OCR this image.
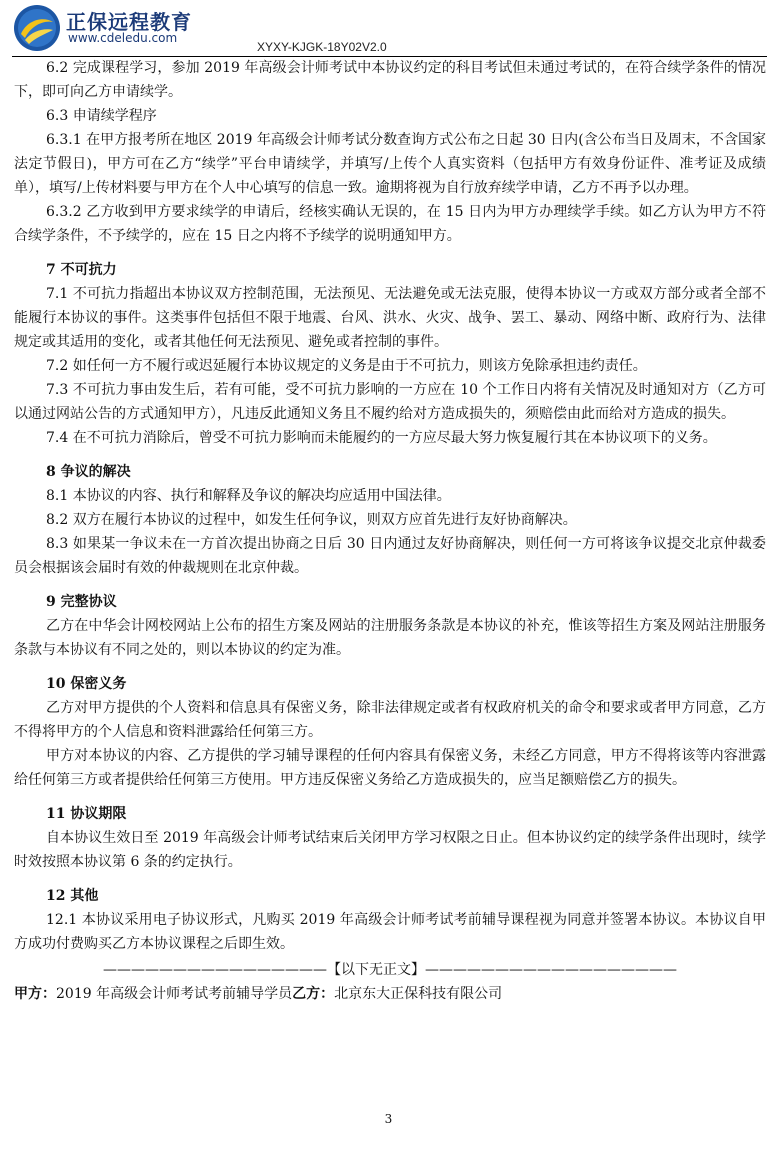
正保远程教育
www.cdeledu.com
XYXY-KJGK-18Y02V2.0

6.2 完成课程学习，参加 2019 年高级会计师考试中本协议约定的科目考试但未通过考试的，在符合续学条件的情况下，即可向乙方申请续学。

6.3 申请续学程序

6.3.1 在甲方报考所在地区 2019 年高级会计师考试分数查询方式公布之日起 30 日内(含公布当日及周末，不含国家法定节假日)，甲方可在乙方“续学”平台申请续学，并填写/上传个人真实资料（包括甲方有效身份证件、准考证及成绩单），填写/上传材料要与甲方在个人中心填写的信息一致。逾期将视为自行放弃续学申请，乙方不再予以办理。

6.3.2 乙方收到甲方要求续学的申请后，经核实确认无误的，在 15 日内为甲方办理续学手续。如乙方认为甲方不符合续学条件，不予续学的，应在 15 日之内将不予续学的说明通知甲方。

7 不可抗力

7.1 不可抗力指超出本协议双方控制范围，无法预见、无法避免或无法克服，使得本协议一方或双方部分或者全部不能履行本协议的事件。这类事件包括但不限于地震、台风、洪水、火灾、战争、罢工、暴动、网络中断、政府行为、法律规定或其适用的变化，或者其他任何无法预见、避免或者控制的事件。

7.2 如任何一方不履行或迟延履行本协议规定的义务是由于不可抗力，则该方免除承担违约责任。

7.3 不可抗力事由发生后，若有可能，受不可抗力影响的一方应在 10 个工作日内将有关情况及时通知对方（乙方可以通过网站公告的方式通知甲方），凡违反此通知义务且不履约给对方造成损失的，须赔偿由此而给对方造成的损失。

7.4 在不可抗力消除后，曾受不可抗力影响而未能履约的一方应尽最大努力恢复履行其在本协议项下的义务。

8 争议的解决

8.1 本协议的内容、执行和解释及争议的解决均应适用中国法律。

8.2 双方在履行本协议的过程中，如发生任何争议，则双方应首先进行友好协商解决。

8.3 如果某一争议未在一方首次提出协商之日后 30 日内通过友好协商解决，则任何一方可将该争议提交北京仲裁委员会根据该会届时有效的仲裁规则在北京仲裁。

9 完整协议

乙方在中华会计网校网站上公布的招生方案及网站的注册服务条款是本协议的补充，惟该等招生方案及网站注册服务条款与本协议有不同之处的，则以本协议的约定为准。

10 保密义务

乙方对甲方提供的个人资料和信息具有保密义务，除非法律规定或者有权政府机关的命令和要求或者甲方同意，乙方不得将甲方的个人信息和资料泄露给任何第三方。

甲方对本协议的内容、乙方提供的学习辅导课程的任何内容具有保密义务，未经乙方同意，甲方不得将该等内容泄露给任何第三方或者提供给任何第三方使用。甲方违反保密义务给乙方造成损失的，应当足额赔偿乙方的损失。

11 协议期限

自本协议生效日至 2019 年高级会计师考试结束后关闭甲方学习权限之日止。但本协议约定的续学条件出现时，续学时效按照本协议第 6 条的约定执行。

12 其他

12.1 本协议采用电子协议形式，凡购买 2019 年高级会计师考试考前辅导课程视为同意并签署本协议。本协议自甲方成功付费购买乙方本协议课程之后即生效。

————————————————【以下无正文】——————————————————

甲方：2019 年高级会计师考试考前辅导学员乙方：北京东大正保科技有限公司

3
